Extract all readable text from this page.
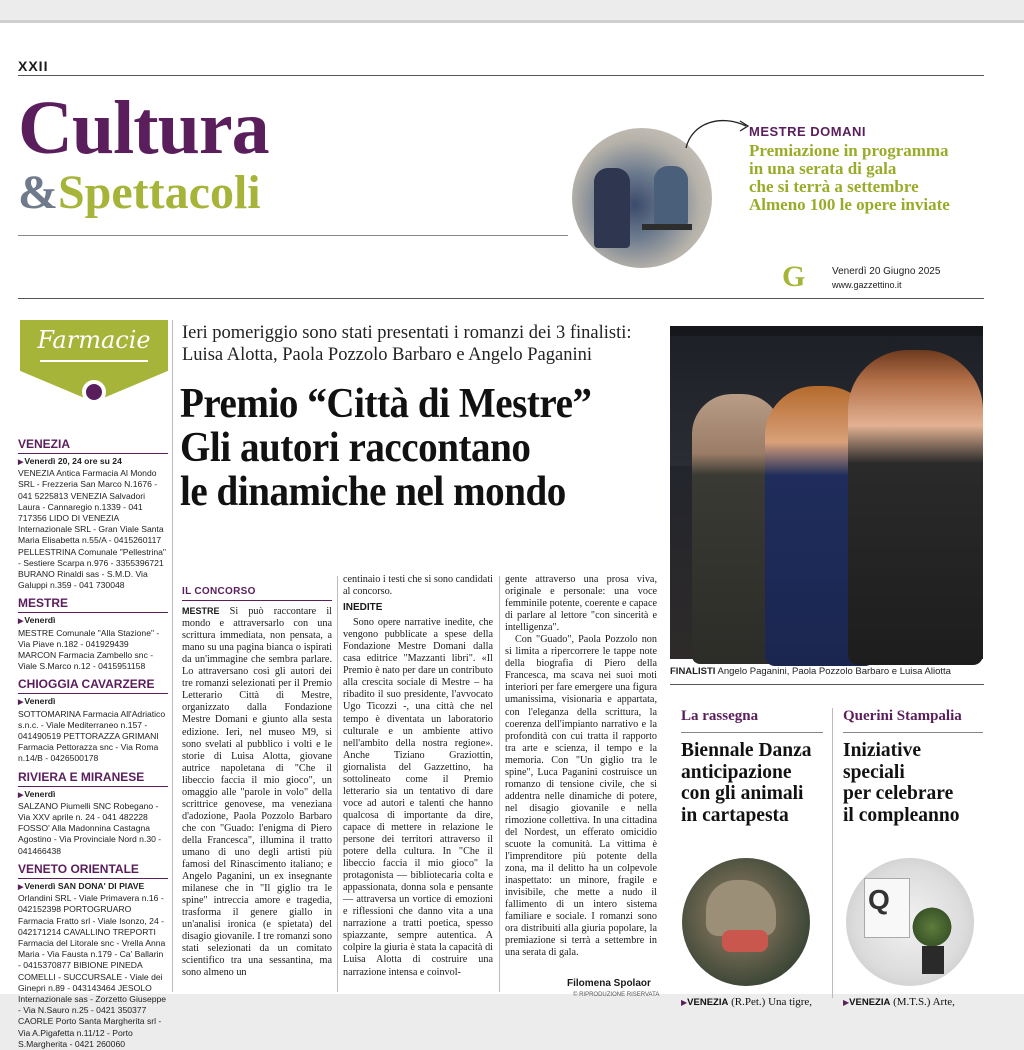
XXII
Cultura
&Spettacoli
MESTRE DOMANI
Premiazione in programma
in una serata di gala
che si terrà a settembre
Almeno 100 le opere inviate
G	Venerdì 20 Giugno 2025
www.gazzettino.it
Farmacie
VENEZIA
▶ Venerdì 20, 24 ore su 24
VENEZIA Antica Farmacia Al Mondo SRL - Frezzeria San Marco N.1676 - 041 5225813 VENEZIA Salvadori Laura - Cannaregio n.1339 - 041 717356 LIDO DI VENEZIA Internazionale SRL - Gran Viale Santa Maria Elisabetta n.55/A - 0415260117 PELLESTRINA Comunale "Pellestrina" - Sestiere Scarpa n.976 - 3355396721 BURANO Rinaldi sas - S.M.D. Via Galuppi n.359 - 041 730048
MESTRE
▶ Venerdì
MESTRE Comunale "Alla Stazione" - Via Piave n.182 - 041929439 MARCON Farmacia Zambello snc - Viale S.Marco n.12 - 0415951158
CHIOGGIA CAVARZERE
▶ Venerdì
SOTTOMARINA Farmacia All'Adriatico s.n.c. - Viale Mediterraneo n.157 - 041490519 PETTORAZZA GRIMANI Farmacia Pettorazza snc - Via Roma n.14/B - 0426500178
RIVIERA E MIRANESE
▶ Venerdì
SALZANO Piumelli SNC Robegano - Via XXV aprile n. 24 - 041 482228 FOSSO' Alla Madonnina Castagna Agostino - Via Provinciale Nord n.30 - 041466438
VENETO ORIENTALE
▶ Venerdì SAN DONA' DI PIAVE Orlandini SRL - Viale Primavera n.16 - 042152398 PORTOGRUARO Farmacia Fratto srl - Viale Isonzo, 24 - 042171214 CAVALLINO TREPORTI Farmacia del Litorale snc - Vrella Anna Maria - Via Fausta n.179 - Ca' Ballarin - 0415370877 BIBIONE PINEDA COMELLI - SUCCURSALE - Viale dei Ginepri n.89 - 043143464 JESOLO Internazionale sas - Zorzetto Giuseppe - Via N.Sauro n.25 - 0421 350377 CAORLE Porto Santa Margherita srl - Via A.Pigafetta n.11/12 - Porto S.Margherita - 0421 260060
Ieri pomeriggio sono stati presentati i romanzi dei 3 finalisti: Luisa Alotta, Paola Pozzolo Barbaro e Angelo Paganini
Premio “Città di Mestre”
Gli autori raccontano
le dinamiche nel mondo
IL CONCORSO
MESTRE Si può raccontare il mondo e attraversarlo con una scrittura immediata, non pensata, a mano su una pagina bianca o ispirati da un'immagine che sembra parlare. Lo attraversano così gli autori dei tre romanzi selezionati per il Premio Letterario Città di Mestre, organizzato dalla Fondazione Mestre Domani e giunto alla sesta edizione. Ieri, nel museo M9, si sono svelati al pubblico i volti e le storie di Luisa Alotta, giovane autrice napoletana di "Che il libeccio faccia il mio gioco", un omaggio alle "parole in volo" della scrittrice genovese, ma veneziana d'adozione, Paola Pozzolo Barbaro che con "Guado: l'enigma di Piero della Francesca", illumina il tratto umano di uno degli artisti più famosi del Rinascimento italiano; e Angelo Paganini, un ex insegnante milanese che in "Il giglio tra le spine" intreccia amore e tragedia, trasforma il genere giallo in un'analisi ironica (e spietata) del disagio giovanile. I tre romanzi sono stati selezionati da un comitato scientifico tra una sessantina, ma sono almeno un
centinaio i testi che si sono candidati al concorso.
INEDITE

Sono opere narrative inedite, che vengono pubblicate a spese della Fondazione Mestre Domani dalla casa editrice "Mazzanti libri". «Il Premio è nato per dare un contributo alla crescita sociale di Mestre – ha ribadito il suo presidente, l'avvocato Ugo Ticozzi -, una città che nel tempo è diventata un laboratorio culturale e un ambiente attivo nell'ambito della nostra regione». Anche Tiziano Graziottin, giornalista del Gazzettino, ha sottolineato come il Premio letterario sia un tentativo di dare voce ad autori e talenti che hanno qualcosa di importante da dire, capace di mettere in relazione le persone dei territori attraverso il potere della cultura. In "Che il libeccio faccia il mio gioco" la protagonista — bibliotecaria colta e appassionata, donna sola e pensante — attraversa un vortice di emozioni e riflessioni che danno vita a una narrazione a tratti poetica, spesso spiazzante, sempre autentica. A colpire la giuria è stata la capacità di Luisa Alotta di costruire una narrazione intensa e coinvol-

gente attraverso una prosa viva, originale e personale: una voce femminile potente, coerente e capace di parlare al lettore "con sincerità e intelligenza".

Con "Guado", Paola Pozzolo non si limita a ripercorrere le tappe note della biografia di Piero della Francesca, ma scava nei suoi moti interiori per fare emergere una figura umanissima, visionaria e appartata, con l'eleganza della scrittura, la coerenza dell'impianto narrativo e la profondità con cui tratta il rapporto tra arte e scienza, il tempo e la memoria. Con "Un giglio tra le spine", Luca Paganini costruisce un romanzo di tensione civile, che si addentra nelle dinamiche di potere, nel disagio giovanile e nella rimozione collettiva. In una cittadina del Nordest, un efferato omicidio scuote la comunità. La vittima è l'imprenditore più potente della zona, ma il delitto ha un colpevole inaspettato: un minore, fragile e invisibile, che mette a nudo il fallimento di un intero sistema familiare e sociale. I romanzi sono ora distribuiti alla giuria popolare, la premiazione si terrà a settembre in una serata di gala.

Filomena Spolaor
© RIPRODUZIONE RISERVATA
FINALISTI Angelo Paganini, Paola Pozzolo Barbaro e Luisa Aliotta
La rassegna
Biennale Danza
anticipazione
con gli animali
in cartapesta
▶VENEZIA (R.Pet.) Una tigre,
Querini Stampalia
Iniziative
speciali
per celebrare
il compleanno
Q
▶VENEZIA (M.T.S.) Arte,
